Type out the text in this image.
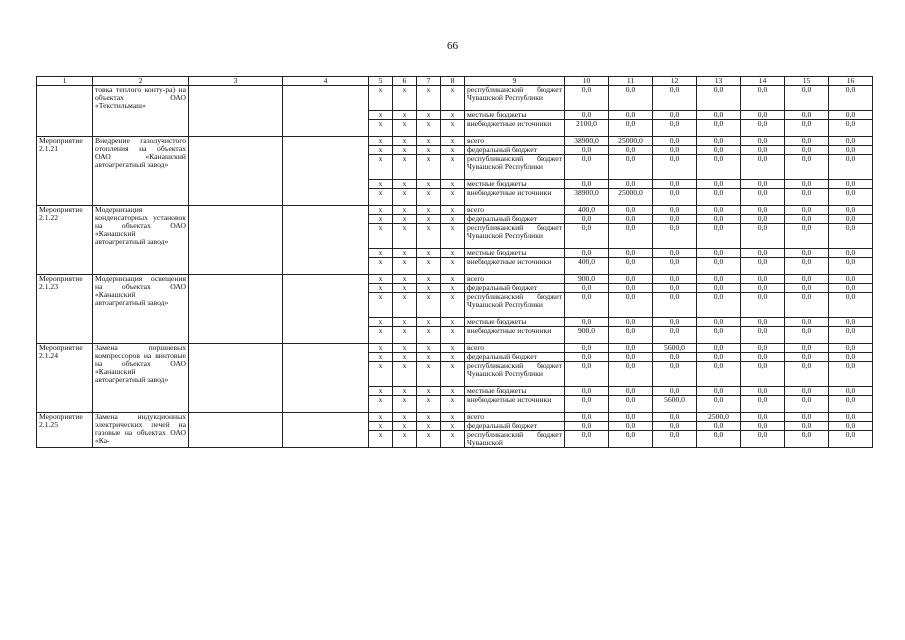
66
1	2	3	4	5	6	7	8	9	10	11	12	13	14	15	16
	товка теплого конту-ра) на объектах ОАО «Текстильмаш»			х	х	х	х	республиканский бюджет Чувашской Республики	0,0	0,0	0,0	0,0	0,0	0,0	0,0
				х	х	х	х	местные бюджеты	0,0	0,0	0,0	0,0	0,0	0,0	0,0
				х	х	х	х	внебюджетные источники	2100,0	0,0	0,0	0,0	0,0	0,0	0,0
Мероприятие 2.1.21	Внедрение газолучистого отопления на объектах ОАО «Канашский автоагрегатный завод»			х	х	х	х	всего	38900,0	25000,0	0,0	0,0	0,0	0,0	0,0
				х	х	х	х	федеральный бюджет	0,0	0,0	0,0	0,0	0,0	0,0	0,0
				х	х	х	х	республиканский бюджет Чувашской Республики	0,0	0,0	0,0	0,0	0,0	0,0	0,0
				х	х	х	х	местные бюджеты	0,0	0,0	0,0	0,0	0,0	0,0	0,0
				х	х	х	х	внебюджетные источники	38900,0	25000,0	0,0	0,0	0,0	0,0	0,0
Мероприятие 2.1.22	Модернизация конденсаторных установок на объектах ОАО «Канашский автоагрегатный завод»			х	х	х	х	всего	400,0	0,0	0,0	0,0	0,0	0,0	0,0
				х	х	х	х	федеральный бюджет	0,0	0,0	0,0	0,0	0,0	0,0	0,0
				х	х	х	х	республиканский бюджет Чувашской Республики	0,0	0,0	0,0	0,0	0,0	0,0	0,0
				х	х	х	х	местные бюджеты	0,0	0,0	0,0	0,0	0,0	0,0	0,0
				х	х	х	х	внебюджетные источники	400,0	0,0	0,0	0,0	0,0	0,0	0,0
Мероприятие 2.1.23	Модернизация освещения на объектах ОАО «Канашский автоагрегатный завод»			х	х	х	х	всего	900,0	0,0	0,0	0,0	0,0	0,0	0,0
				х	х	х	х	федеральный бюджет	0,0	0,0	0,0	0,0	0,0	0,0	0,0
				х	х	х	х	республиканский бюджет Чувашской Республики	0,0	0,0	0,0	0,0	0,0	0,0	0,0
				х	х	х	х	местные бюджеты	0,0	0,0	0,0	0,0	0,0	0,0	0,0
				х	х	х	х	внебюджетные источники	900,0	0,0	0,0	0,0	0,0	0,0	0,0
Мероприятие 2.1.24	Замена поршневых компрессоров на винтовые на объектах ОАО «Канашский автоагрегатный завод»			х	х	х	х	всего	0,0	0,0	5600,0	0,0	0,0	0,0	0,0
				х	х	х	х	федеральный бюджет	0,0	0,0	0,0	0,0	0,0	0,0	0,0
				х	х	х	х	республиканский бюджет Чувашской Республики	0,0	0,0	0,0	0,0	0,0	0,0	0,0
				х	х	х	х	местные бюджеты	0,0	0,0	0,0	0,0	0,0	0,0	0,0
				х	х	х	х	внебюджетные источники	0,0	0,0	5600,0	0,0	0,0	0,0	0,0
Мероприятие 2.1.25	Замена индукционных электрических печей на газовые на объектах ОАО «Ка-			х	х	х	х	всего	0,0	0,0	0,0	2500,0	0,0	0,0	0,0
				х	х	х	х	федеральный бюджет	0,0	0,0	0,0	0,0	0,0	0,0	0,0
				х	х	х	х	республиканский бюджет Чувашской	0,0	0,0	0,0	0,0	0,0	0,0	0,0
